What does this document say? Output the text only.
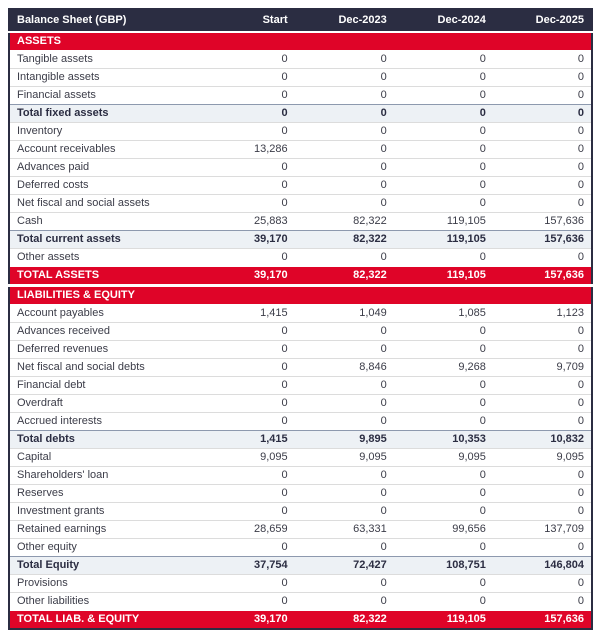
Balance Sheet (GBP)	Start	Dec-2023	Dec-2024	Dec-2025
ASSETS				
Tangible assets	0	0	0	0
Intangible assets	0	0	0	0
Financial assets	0	0	0	0
Total fixed assets	0	0	0	0
Inventory	0	0	0	0
Account receivables	13,286	0	0	0
Advances paid	0	0	0	0
Deferred costs	0	0	0	0
Net fiscal and social assets	0	0	0	0
Cash	25,883	82,322	119,105	157,636
Total current assets	39,170	82,322	119,105	157,636
Other assets	0	0	0	0
TOTAL ASSETS	39,170	82,322	119,105	157,636
LIABILITIES & EQUITY				
Account payables	1,415	1,049	1,085	1,123
Advances received	0	0	0	0
Deferred revenues	0	0	0	0
Net fiscal and social debts	0	8,846	9,268	9,709
Financial debt	0	0	0	0
Overdraft	0	0	0	0
Accrued interests	0	0	0	0
Total debts	1,415	9,895	10,353	10,832
Capital	9,095	9,095	9,095	9,095
Shareholders' loan	0	0	0	0
Reserves	0	0	0	0
Investment grants	0	0	0	0
Retained earnings	28,659	63,331	99,656	137,709
Other equity	0	0	0	0
Total Equity	37,754	72,427	108,751	146,804
Provisions	0	0	0	0
Other liabilities	0	0	0	0
TOTAL LIAB. & EQUITY	39,170	82,322	119,105	157,636
